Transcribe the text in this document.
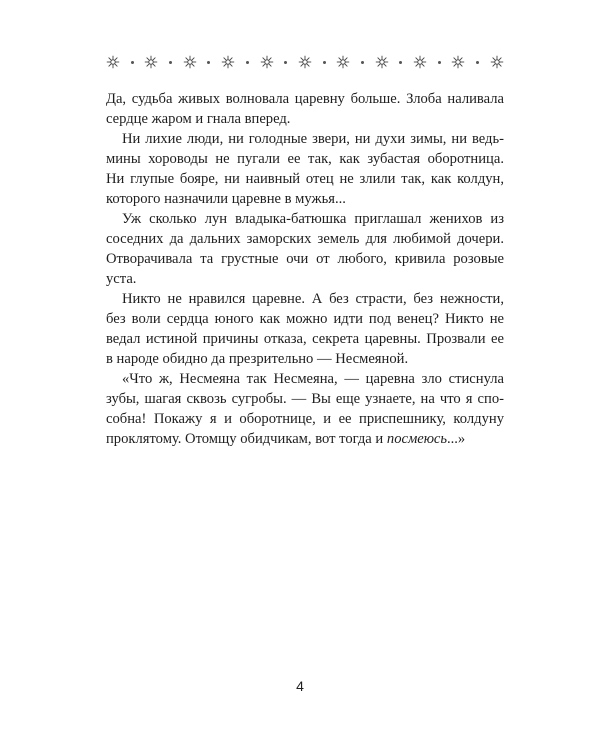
Да, судьба живых волновала царевну больше. Злоба наливала
сердце жаром и гнала вперед.
Ни лихие люди, ни голодные звери, ни духи зимы, ни ведь-
мины хороводы не пугали ее так, как зубастая оборотница.
Ни глупые бояре, ни наивный отец не злили так, как колдун,
которого назначили царевне в мужья...
Уж сколько лун владыка-батюшка приглашал женихов из
соседних да дальних заморских земель для любимой дочери.
Отворачивала та грустные очи от любого, кривила розовые
уста.
Никто не нравился царевне. А без страсти, без нежности,
без воли сердца юного как можно идти под венец? Никто не
ведал истиной причины отказа, секрета царевны. Прозвали ее
в народе обидно да презрительно — Несмеяной.
«Что ж, Несмеяна так Несмеяна, — царевна зло стиснула
зубы, шагая сквозь сугробы. — Вы еще узнаете, на что я спо-
собна! Покажу я и оборотнице, и ее приспешнику, колдуну
проклятому. Отомщу обидчикам, вот тогда и посмеюсь...»
4
